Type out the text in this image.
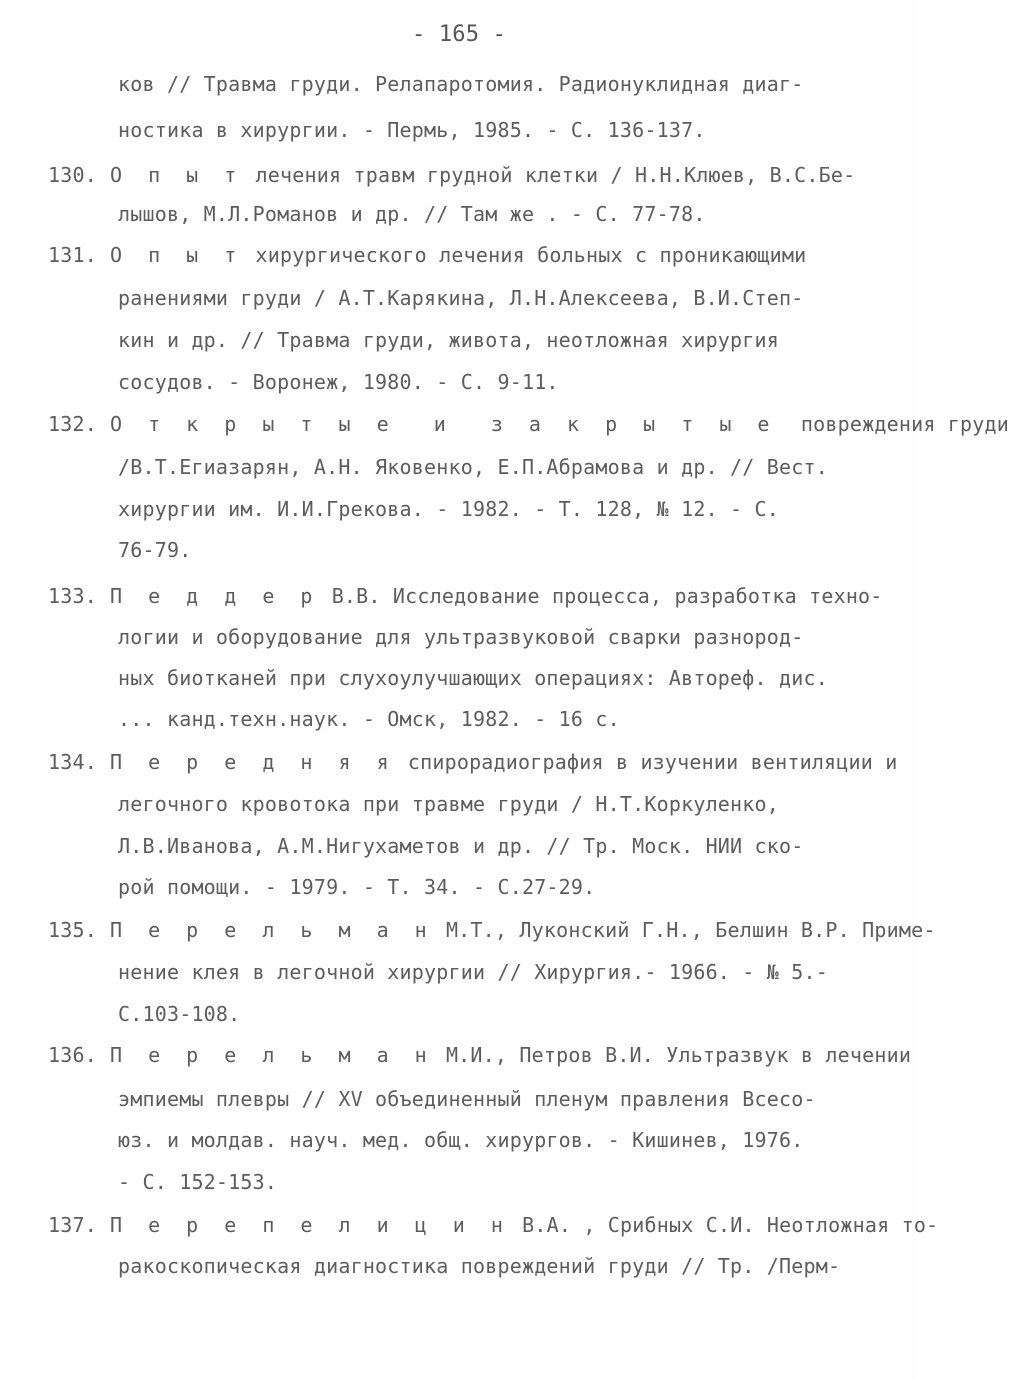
- 165 -
ков // Травма груди. Релапаротомия. Радионуклидная диаг-
ностика в хирургии. - Пермь, 1985. - С. 136-137.
130. О п ы т лечения травм грудной клетки / Н.Н.Клюев, В.С.Бе-
лышов, М.Л.Романов и др. // Там же . - С. 77-78.
131. О п ы т хирургического лечения больных с проникающими
ранениями груди / А.Т.Карякина, Л.Н.Алексеева, В.И.Степ-
кин и др. // Травма груди, живота, неотложная хирургия
сосудов. - Воронеж, 1980. - С. 9-11.
132. О т к р ы т ы е  и  з а к р ы т ы е  повреждения груди
/В.Т.Егиазарян, А.Н. Яковенко, Е.П.Абрамова и др. // Вест.
хирургии им. И.И.Грекова. - 1982. - Т. 128, № 12. - С.
76-79.
133. П е д д е р В.В. Исследование процесса, разработка техно-
логии и оборудование для ультразвуковой сварки разнород-
ных биотканей при слухоулучшающих операциях: Автореф. дис.
... канд.техн.наук. - Омск, 1982. - 16 с.
134. П е р е д н я я спирорадиография в изучении вентиляции и
легочного кровотока при травме груди / Н.Т.Коркуленко,
Л.В.Иванова, А.М.Нигухаметов и др. // Тр. Моск. НИИ ско-
рой помощи. - 1979. - Т. 34. - С.27-29.
135. П е р е л ь м а н М.Т., Луконский Г.Н., Белшин В.Р. Приме-
нение клея в легочной хирургии // Хирургия.- 1966. - № 5.-
С.103-108.
136. П е р е л ь м а н М.И., Петров В.И. Ультразвук в лечении
эмпиемы плевры // ХV объединенный пленум правления Всесо-
юз. и молдав. науч. мед. общ. хирургов. - Кишинев, 1976.
- С. 152-153.
137. П е р е п е л и ц и н В.А. , Срибных С.И. Неотложная то-
ракоскопическая диагностика повреждений груди // Тр. /Перм-
